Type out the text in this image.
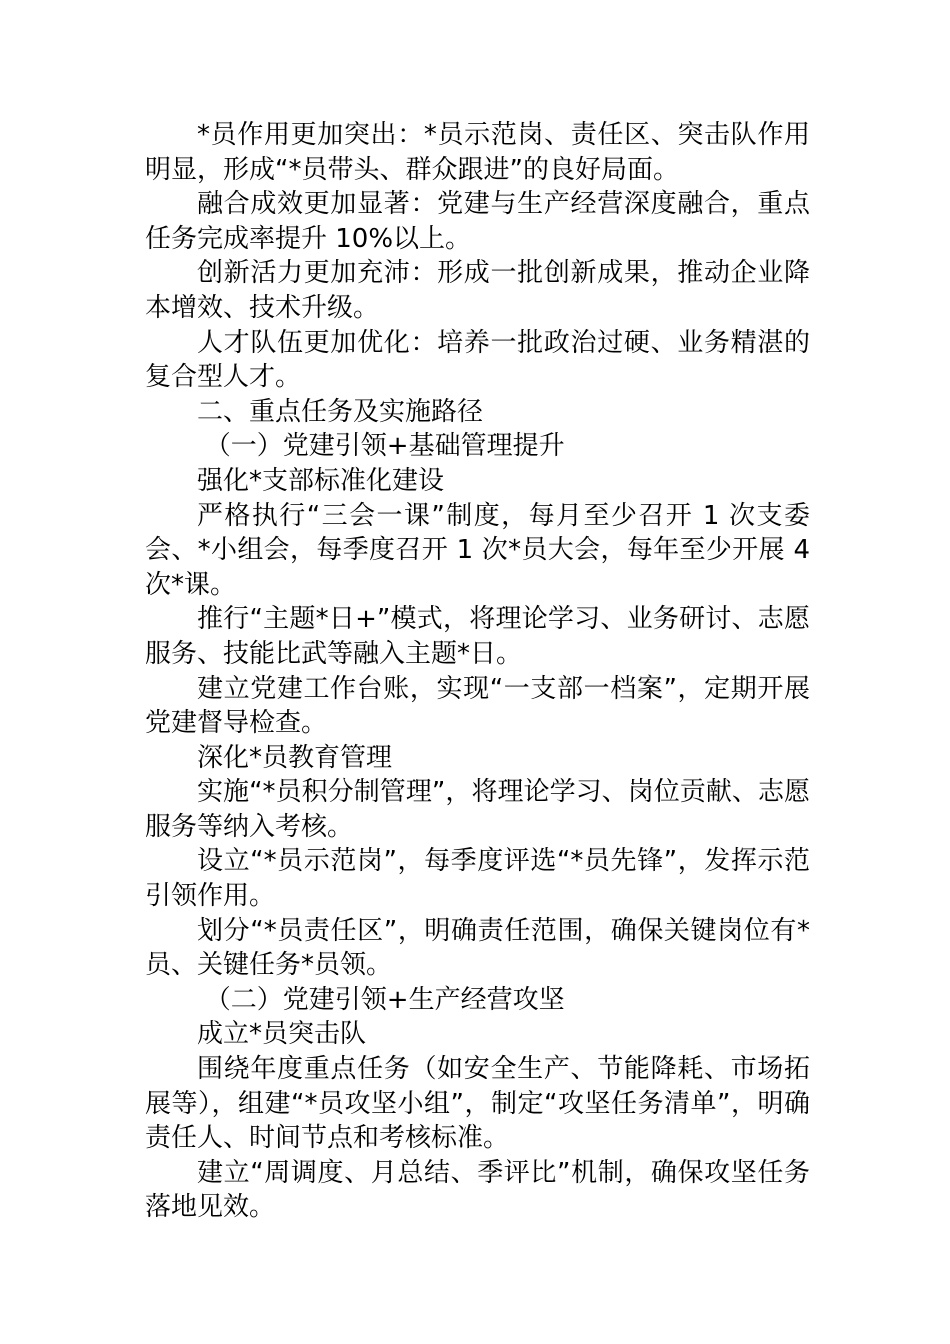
*员作用更加突出：*员示范岗、责任区、突击队作用明显，形成“*员带头、群众跟进”的良好局面。

融合成效更加显著：党建与生产经营深度融合，重点任务完成率提升 10%以上。

创新活力更加充沛：形成一批创新成果，推动企业降本增效、技术升级。

人才队伍更加优化：培养一批政治过硬、业务精湛的复合型人才。

二、重点任务及实施路径

（一）党建引领+基础管理提升

强化*支部标准化建设

严格执行“三会一课”制度，每月至少召开 1 次支委会、*小组会，每季度召开 1 次*员大会，每年至少开展 4 次*课。

推行“主题*日+”模式，将理论学习、业务研讨、志愿服务、技能比武等融入主题*日。

建立党建工作台账，实现“一支部一档案”，定期开展党建督导检查。

深化*员教育管理

实施“*员积分制管理”，将理论学习、岗位贡献、志愿服务等纳入考核。

设立“*员示范岗”，每季度评选“*员先锋”，发挥示范引领作用。

划分“*员责任区”，明确责任范围，确保关键岗位有*员、关键任务*员领。

（二）党建引领+生产经营攻坚

成立*员突击队

围绕年度重点任务（如安全生产、节能降耗、市场拓展等），组建“*员攻坚小组”，制定“攻坚任务清单”，明确责任人、时间节点和考核标准。

建立“周调度、月总结、季评比”机制，确保攻坚任务落地见效。
